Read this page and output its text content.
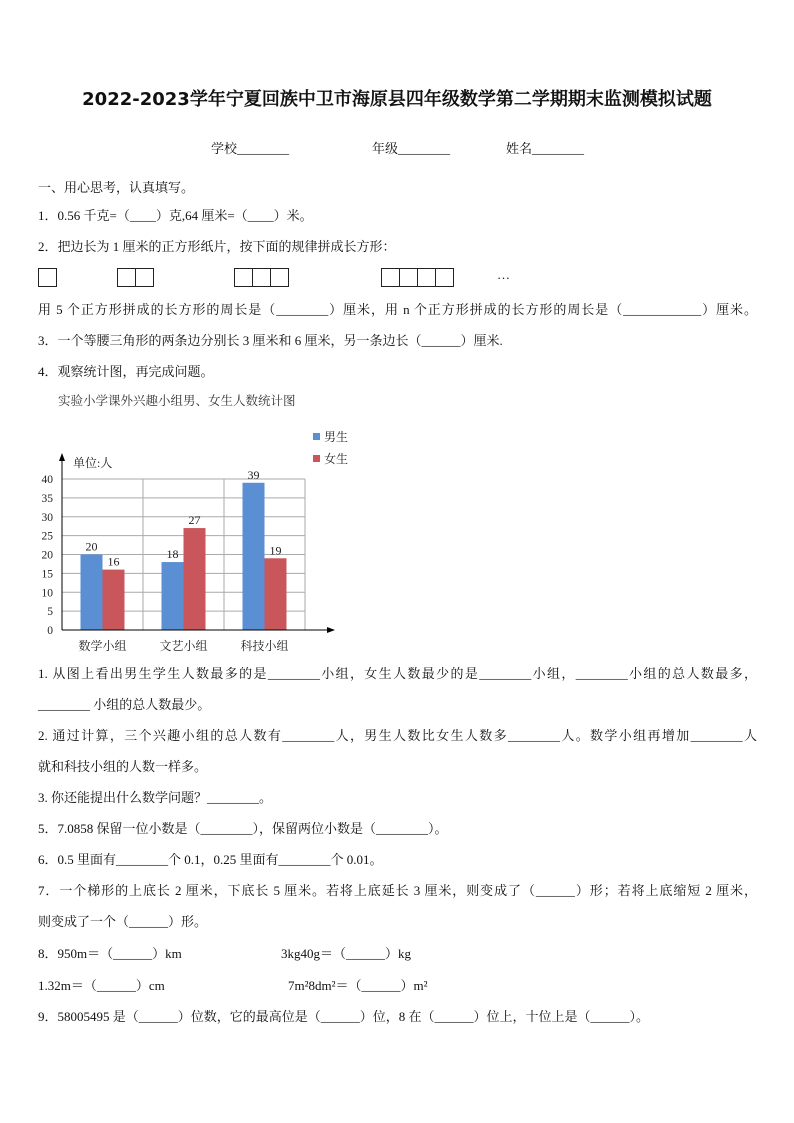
2022-2023学年宁夏回族中卫市海原县四年级数学第二学期期末监测模拟试题
学校________	年级________	姓名________
一、用心思考，认真填写。
1．0.56 千克=（____）克,64 厘米=（____）米。
2．把边长为 1 厘米的正方形纸片，按下面的规律拼成长方形：
…
用 5 个正方形拼成的长方形的周长是（________）厘米，用 n 个正方形拼成的长方形的周长是（____________）厘米。
3．一个等腰三角形的两条边分别长 3 厘米和 6 厘米，另一条边长（______）厘米.
4．观察统计图，再完成问题。
实验小学课外兴趣小组男、女生人数统计图
0
5
10
15
20
25
30
35
40
20
16
数学小组
18
27
文艺小组
39
19
科技小组
单位:人
男生
女生
1. 从图上看出男生学生人数最多的是________小组，女生人数最少的是________小组，________小组的总人数最多，
________ 小组的总人数最少。
2. 通过计算，三个兴趣小组的总人数有________人，男生人数比女生人数多________人。数学小组再增加________人
就和科技小组的人数一样多。
3. 你还能提出什么数学问题？________。
5．7.0858 保留一位小数是（________），保留两位小数是（________）。
6．0.5 里面有________个 0.1，0.25 里面有________个 0.01。
7．一个梯形的上底长 2 厘米，下底长 5 厘米。若将上底延长 3 厘米，则变成了（______）形；若将上底缩短 2 厘米，
则变成了一个（______）形。
8．950m＝（______）km	3kg40g＝（______）kg
1.32m＝（______）cm	7m²8dm²＝（______）m²
9．58005495 是（______）位数，它的最高位是（______）位，8 在（______）位上，十位上是（______）。
